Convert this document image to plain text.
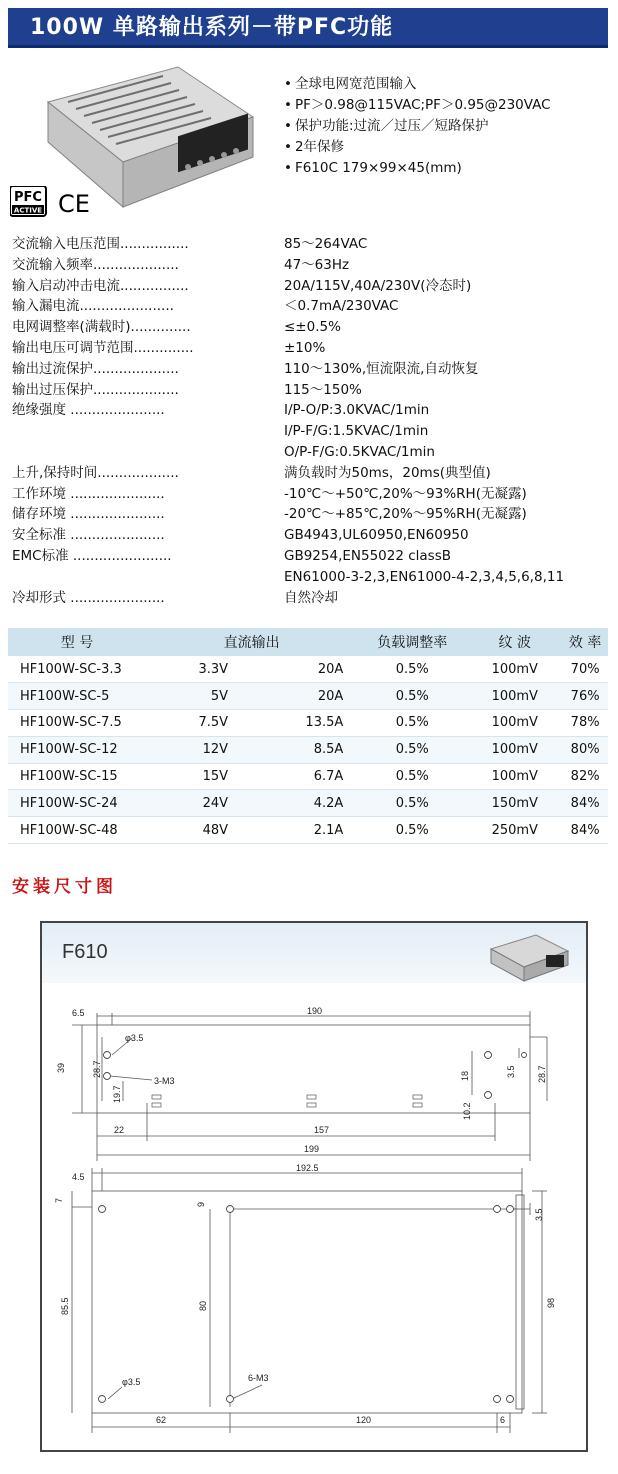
100W 单路输出系列－带PFC功能
PFC
ACTIVE CE
• 全球电网宽范围输入
• PF＞0.98@115VAC;PF＞0.95@230VAC
• 保护功能:过流／过压／短路保护
• 2年保修
• F610C 179×99×45(mm)
交流输入电压范围................	85～264VAC
交流输入频率....................	47～63Hz
输入启动冲击电流................	20A/115V,40A/230V(冷态时)
输入漏电流......................	＜0.7mA/230VAC
电网调整率(满载时)..............	≤±0.5%
输出电压可调节范围..............	±10%
输出过流保护....................	110～130%,恒流限流,自动恢复
输出过压保护....................	115～150%
绝缘强度 ......................	I/P-O/P:3.0KVAC/1min
I/P-F/G:1.5KVAC/1min
O/P-F/G:0.5KVAC/1min
上升,保持时间...................	满负载时为50ms，20ms(典型值)
工作环境 ......................	-10℃～+50℃,20%～93%RH(无凝露)
储存环境 ......................	-20℃～+85℃,20%～95%RH(无凝露)
安全标准 ......................	GB4943,UL60950,EN60950
EMC标准 .......................	GB9254,EN55022 classB
EN61000-3-2,3,EN61000-4-2,3,4,5,6,8,11
冷却形式 ......................	自然冷却
型 号	直流输出		负载调整率	纹 波	效 率
HF100W-SC-3.3	3.3V	20A	0.5%	100mV	70%
HF100W-SC-5	5V	20A	0.5%	100mV	76%
HF100W-SC-7.5	7.5V	13.5A	0.5%	100mV	78%
HF100W-SC-12	12V	8.5A	0.5%	100mV	80%
HF100W-SC-15	15V	6.7A	0.5%	100mV	82%
HF100W-SC-24	24V	4.2A	0.5%	150mV	84%
HF100W-SC-48	48V	2.1A	0.5%	250mV	84%
安装尺寸图
F610
6.5	190
φ3.5
3-M3
39	28.7
19.7
22	157
199
18
10.2
3.5 28.7
4.5
192.5
7
9
3.5
85.5	80	98
φ3.5	6-M3
62	120	6
